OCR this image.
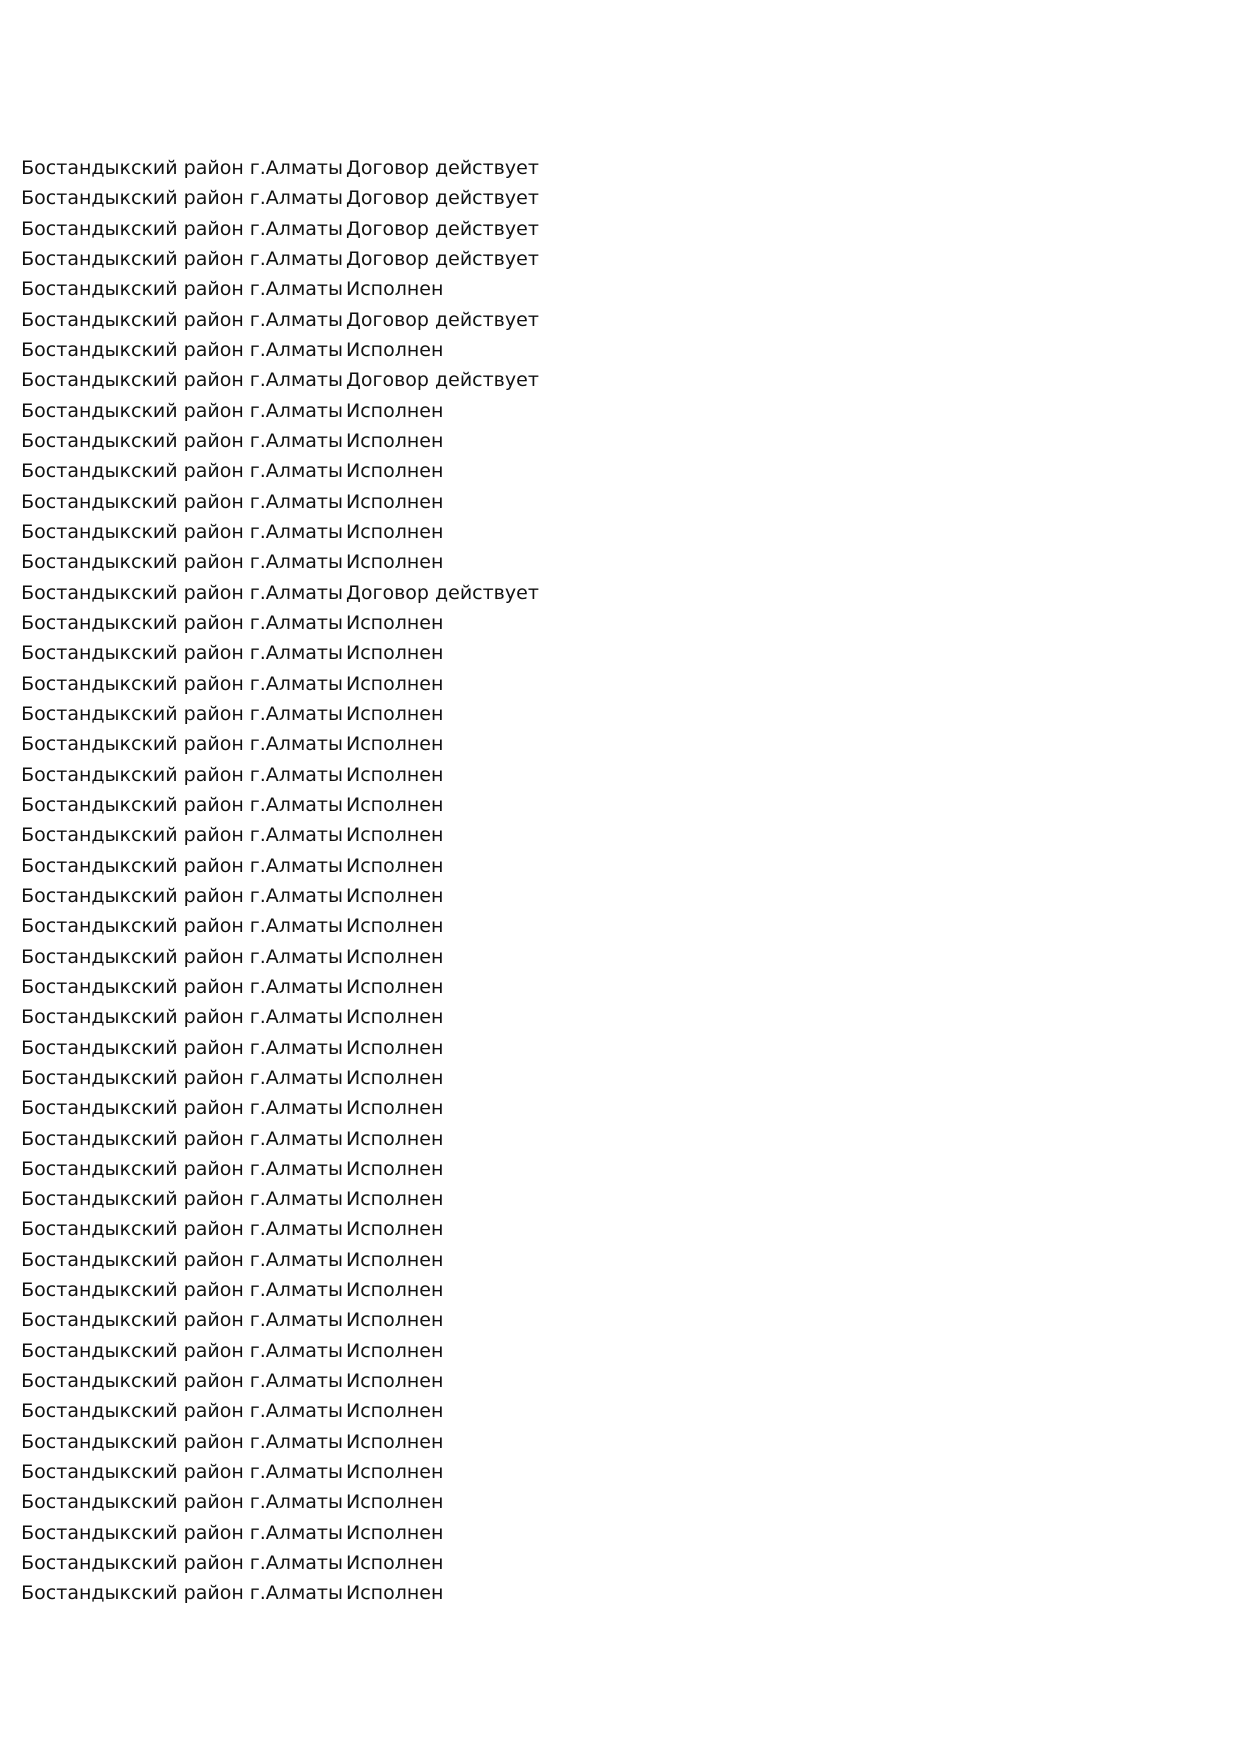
Бостандыкский район г.Алматы Договор действует
Бостандыкский район г.Алматы Договор действует
Бостандыкский район г.Алматы Договор действует
Бостандыкский район г.Алматы Договор действует
Бостандыкский район г.Алматы Исполнен
Бостандыкский район г.Алматы Договор действует
Бостандыкский район г.Алматы Исполнен
Бостандыкский район г.Алматы Договор действует
Бостандыкский район г.Алматы Исполнен
Бостандыкский район г.Алматы Исполнен
Бостандыкский район г.Алматы Исполнен
Бостандыкский район г.Алматы Исполнен
Бостандыкский район г.Алматы Исполнен
Бостандыкский район г.Алматы Исполнен
Бостандыкский район г.Алматы Договор действует
Бостандыкский район г.Алматы Исполнен
Бостандыкский район г.Алматы Исполнен
Бостандыкский район г.Алматы Исполнен
Бостандыкский район г.Алматы Исполнен
Бостандыкский район г.Алматы Исполнен
Бостандыкский район г.Алматы Исполнен
Бостандыкский район г.Алматы Исполнен
Бостандыкский район г.Алматы Исполнен
Бостандыкский район г.Алматы Исполнен
Бостандыкский район г.Алматы Исполнен
Бостандыкский район г.Алматы Исполнен
Бостандыкский район г.Алматы Исполнен
Бостандыкский район г.Алматы Исполнен
Бостандыкский район г.Алматы Исполнен
Бостандыкский район г.Алматы Исполнен
Бостандыкский район г.Алматы Исполнен
Бостандыкский район г.Алматы Исполнен
Бостандыкский район г.Алматы Исполнен
Бостандыкский район г.Алматы Исполнен
Бостандыкский район г.Алматы Исполнен
Бостандыкский район г.Алматы Исполнен
Бостандыкский район г.Алматы Исполнен
Бостандыкский район г.Алматы Исполнен
Бостандыкский район г.Алматы Исполнен
Бостандыкский район г.Алматы Исполнен
Бостандыкский район г.Алматы Исполнен
Бостандыкский район г.Алматы Исполнен
Бостандыкский район г.Алматы Исполнен
Бостандыкский район г.Алматы Исполнен
Бостандыкский район г.Алматы Исполнен
Бостандыкский район г.Алматы Исполнен
Бостандыкский район г.Алматы Исполнен
Бостандыкский район г.Алматы Исполнен
